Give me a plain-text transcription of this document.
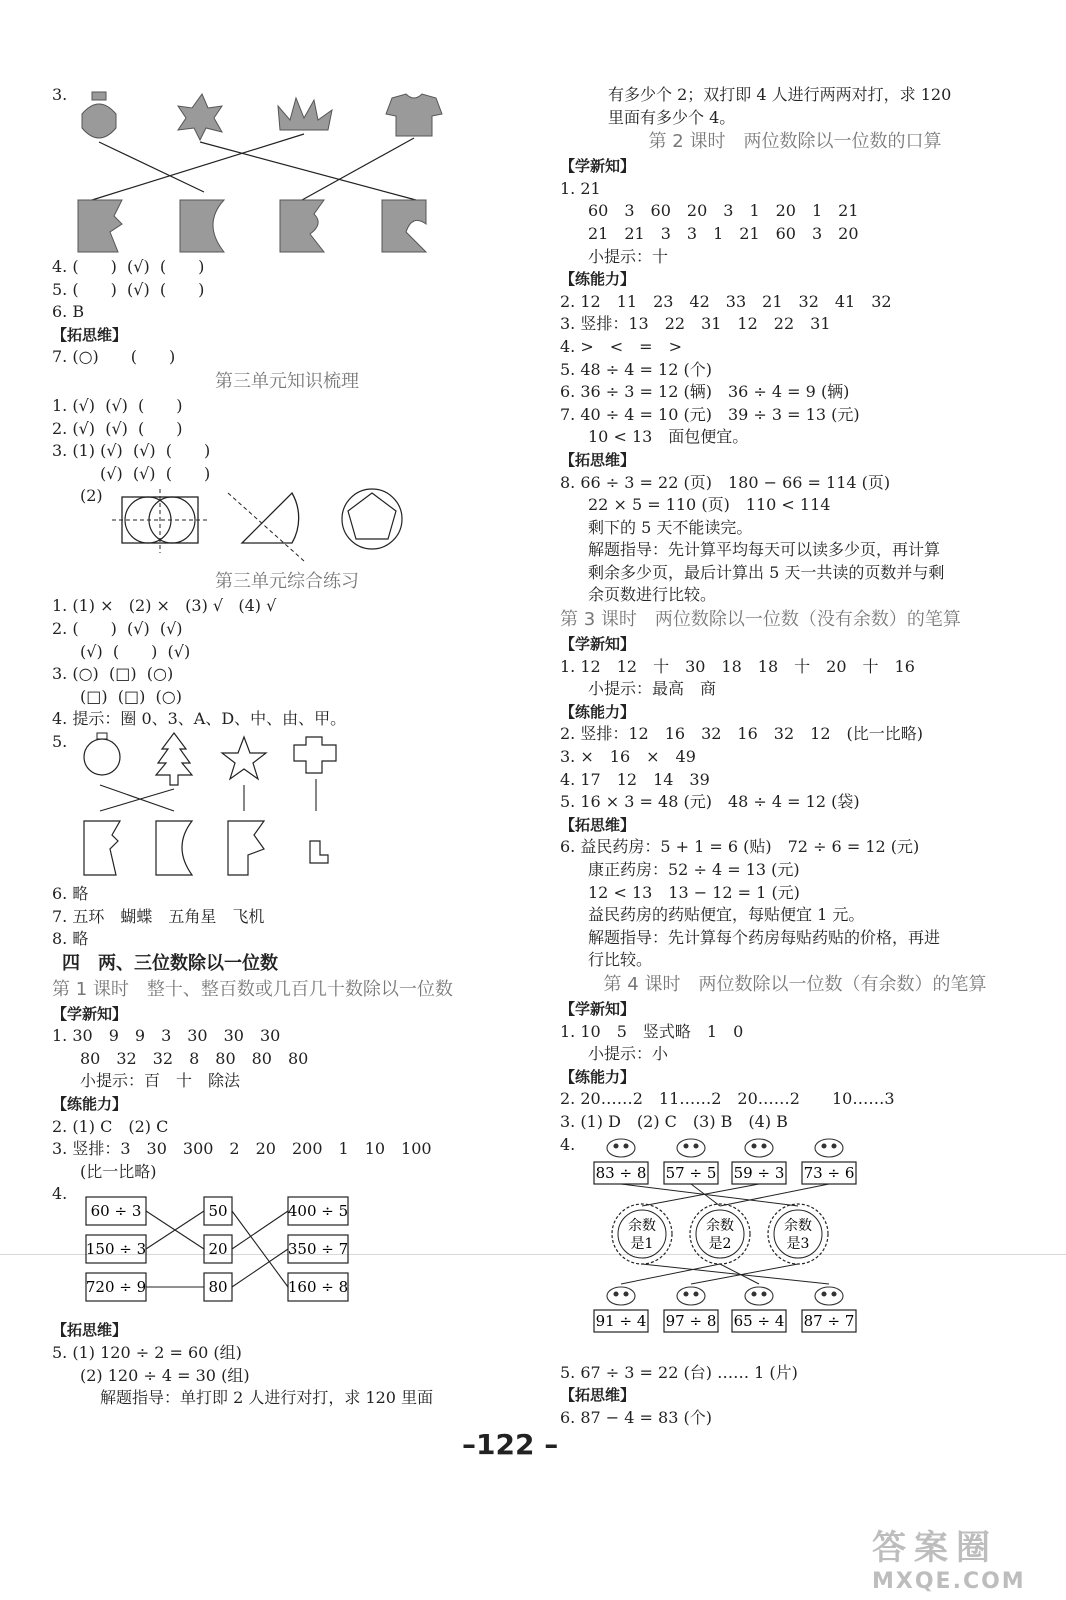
3.
4. (　　)  (√)  (　　)
5. (　　)  (√)  (　　)
6. B
【拓思维】
7. (○)　　(　　)
第三单元知识梳理
1. (√)  (√)  (　　)
2. (√)  (√)  (　　)
3. (1) (√)  (√)  (　　)
(√)  (√)  (　　)
(2)
第三单元综合练习
1. (1) ×   (2) ×   (3) √   (4) √
2. (　　)  (√)  (√)
(√)  (　　)  (√)
3. (○)  (□)  (○)
(□)  (□)  (○)
4. 提示：圈 0、3、A、D、中、由、甲。
5.
6. 略
7. 五环　蝴蝶　五角星　飞机
8. 略
四　两、三位数除以一位数
第 1 课时　整十、整百数或几百几十数除以一位数
【学新知】
1. 30　9　9　3　30　30　30
80　32　32　8　80　80　80
小提示：百　十　除法
【练能力】
2. (1) C　(2) C
3. 竖排：3　30　300　2　20　200　1　10　100
(比一比略)
4.
60 ÷ 3
150 ÷ 3
720 ÷ 9
50
20
80
400 ÷ 5
350 ÷ 7
160 ÷ 8
【拓思维】
5. (1) 120 ÷ 2 = 60 (组)
(2) 120 ÷ 4 = 30 (组)
解题指导：单打即 2 人进行对打，求 120 里面
有多少个 2；双打即 4 人进行两两对打，求 120
里面有多少个 4。
第 2 课时　两位数除以一位数的口算
【学新知】
1. 21
60　3　60　20　3　1　20　1　21
21　21　3　3　1　21　60　3　20
小提示：十
【练能力】
2. 12　11　23　42　33　21　32　41　32
3. 竖排：13　22　31　12　22　31
4. >　<　=　>
5. 48 ÷ 4 = 12 (个)
6. 36 ÷ 3 = 12 (辆)　36 ÷ 4 = 9 (辆)
7. 40 ÷ 4 = 10 (元)　39 ÷ 3 = 13 (元)
10 < 13　面包便宜。
【拓思维】
8. 66 ÷ 3 = 22 (页)　180 − 66 = 114 (页)
22 × 5 = 110 (页)　110 < 114
剩下的 5 天不能读完。
解题指导：先计算平均每天可以读多少页，再计算
剩余多少页，最后计算出 5 天一共读的页数并与剩
余页数进行比较。
第 3 课时　两位数除以一位数（没有余数）的笔算
【学新知】
1. 12　12　十　30　18　18　十　20　十　16
小提示：最高　商
【练能力】
2. 竖排：12　16　32　16　32　12　(比一比略)
3. ×　16　×　49
4. 17　12　14　39
5. 16 × 3 = 48 (元)　48 ÷ 4 = 12 (袋)
【拓思维】
6. 益民药房：5 + 1 = 6 (贴)　72 ÷ 6 = 12 (元)
康正药房：52 ÷ 4 = 13 (元)
12 < 13　13 − 12 = 1 (元)
益民药房的药贴便宜，每贴便宜 1 元。
解题指导：先计算每个药房每贴药贴的价格，再进
行比较。
第 4 课时　两位数除以一位数（有余数）的笔算
【学新知】
1. 10　5　竖式略　1　0
小提示：小
【练能力】
2. 20……2　11……2　20……2　　10……3
3. (1) D　(2) C　(3) B　(4) B
4.
83 ÷ 8 57 ÷ 5 59 ÷ 3 73 ÷ 6
余数
是1
余数
是2
余数
是3
91 ÷ 4 97 ÷ 8 65 ÷ 4 87 ÷ 7
5. 67 ÷ 3 = 22 (台) …… 1 (片)
【拓思维】
6. 87 − 4 = 83 (个)
–122 –
答案圈
MXQE.COM
